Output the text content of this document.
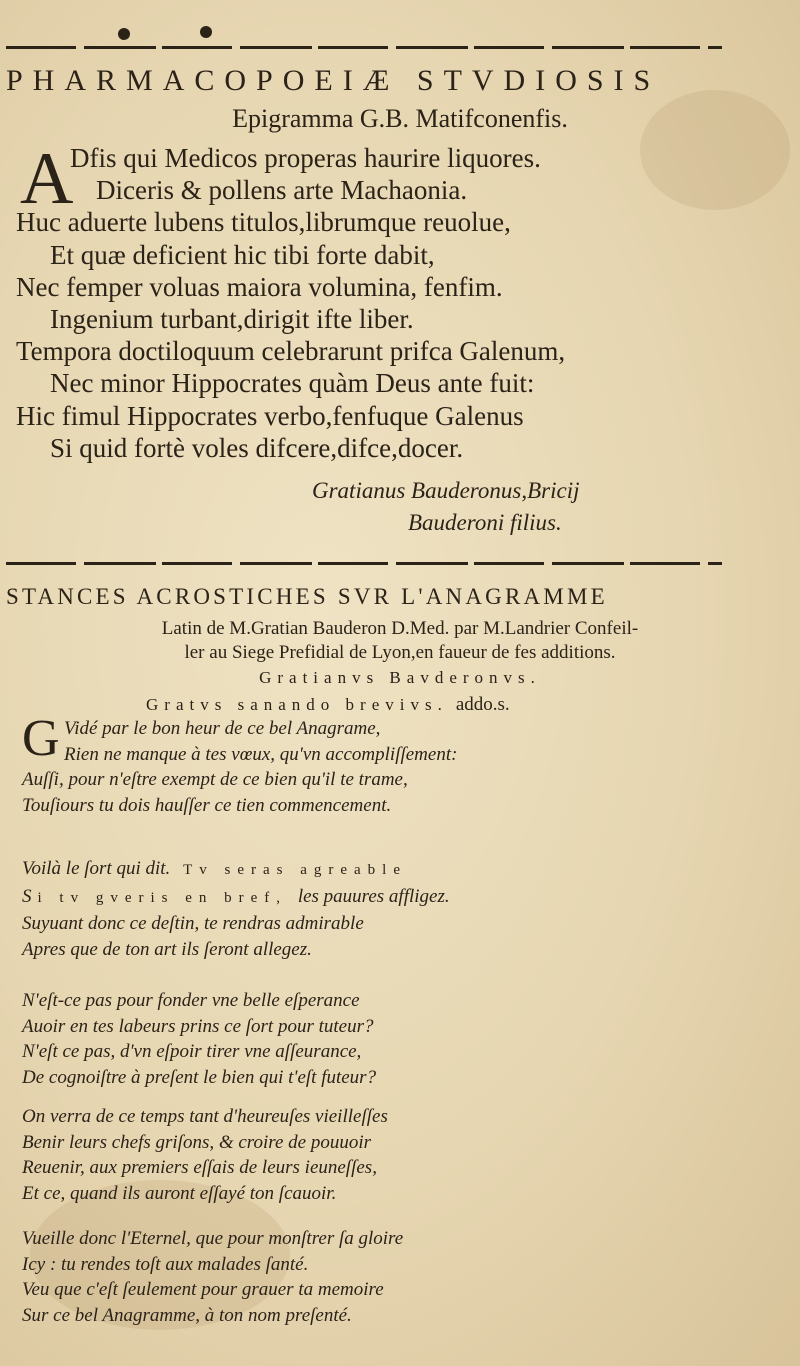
PHARMACOPOEIÆ STVDIOSIS
Epigramma G.B. Matifconenfis.
A
Dfis qui Medicos properas haurire liquores.
Diceris & pollens arte Machaonia.
Huc aduerte lubens titulos,librumque reuolue,
Et quæ deficient hic tibi forte dabit,
Nec femper voluas maiora volumina, fenfim.
Ingenium turbant,dirigit ifte liber.
Tempora doctiloquum celebrarunt prifca Galenum,
Nec minor Hippocrates quàm Deus ante fuit:
Hic fimul Hippocrates verbo,fenfuque Galenus
Si quid fortè voles difcere,difce,docer.
Gratianus Bauderonus,Bricij
Bauderoni filius.
STANCES ACROSTICHES SVR L'ANAGRAMME
Latin de M.Gratian Bauderon D.Med. par M.Landrier Confeil-
ler au Siege Prefidial de Lyon,en faueur de fes additions.
Gratianvs Bavderonvs.
Gratvs sanando brevivs. addo.s.
G Vidé par le bon heur de ce bel Anagrame,
Rien ne manque à tes vœux, qu'vn accompliſſement:
Auſſi, pour n'eſtre exempt de ce bien qu'il te trame,
Touſiours tu dois hauſſer ce tien commencement.
Voilà le ſort qui dit. Tv seras agreable
S i tv gveris en bref, les pauures affligez.
Suyuant donc ce deſtin, te rendras admirable
Apres que de ton art ils ſeront allegez.
N'eſt-ce pas pour fonder vne belle eſperance
Auoir en tes labeurs prins ce ſort pour tuteur?
N'eſt ce pas, d'vn eſpoir tirer vne aſſeurance,
De cognoiſtre à preſent le bien qui t'eſt futeur?
On verra de ce temps tant d'heureuſes vieilleſſes
Benir leurs chefs griſons, & croire de pouuoir
Reuenir, aux premiers eſſais de leurs ieuneſſes,
Et ce, quand ils auront eſſayé ton ſcauoir.
Vueille donc l'Eternel, que pour monſtrer ſa gloire
Icy : tu rendes toſt aux malades ſanté.
Veu que c'eſt ſeulement pour grauer ta memoire
Sur ce bel Anagramme, à ton nom preſenté.
